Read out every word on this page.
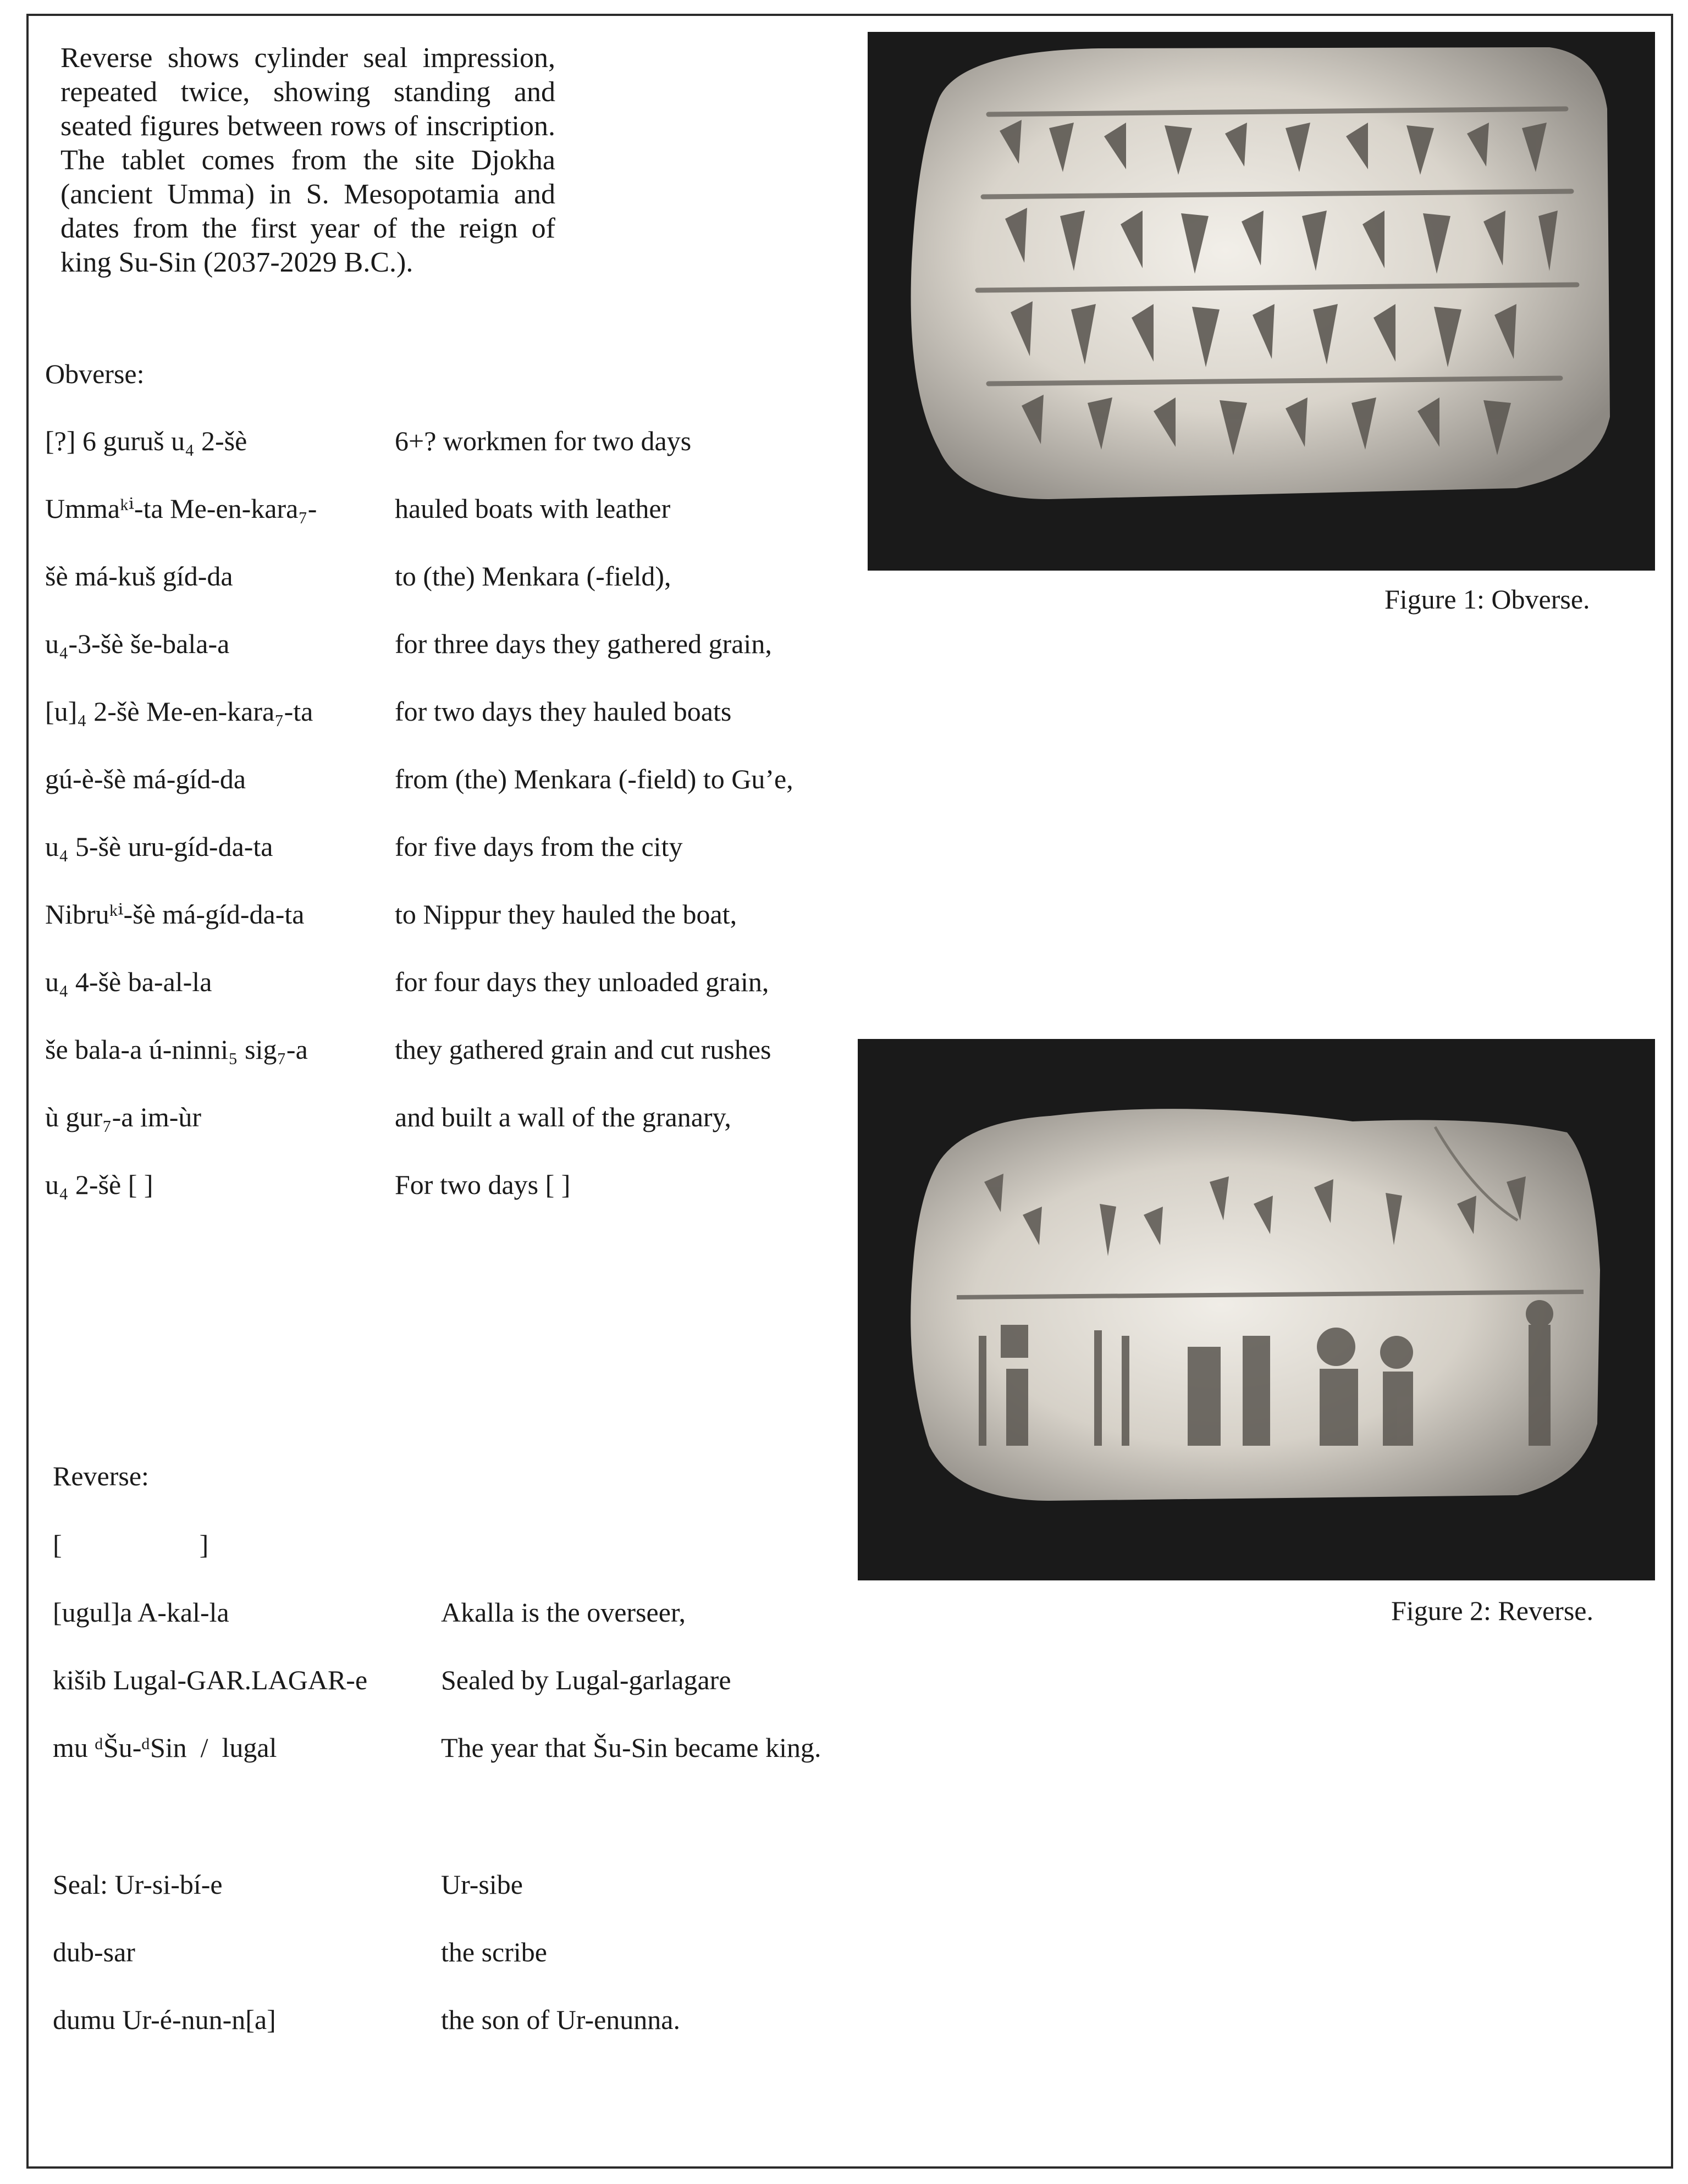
Reverse shows cylinder seal impression, repeated twice, showing standing and seated figures between rows of inscription. The tablet comes from the site Djokha (ancient Umma) in S. Mesopotamia and dates from the first year of the reign of king Su-Sin (2037-2029 B.C.).

Obverse:
[?] 6 guruš u₄ 2-šè	6+? workmen for two days
Ummaᵏⁱ-ta Me-en-kara₇-	hauled boats with leather
šè má-kuš gíd-da	to (the) Menkara (-field),
u₄-3-šè še-bala-a	for three days they gathered grain,
[u]₄ 2-šè Me-en-kara₇-ta	for two days they hauled boats
gú-è-šè má-gíd-da	from (the) Menkara (-field) to Gu’e,
u₄ 5-šè uru-gíd-da-ta	for five days from the city
Nibruᵏⁱ-šè má-gíd-da-ta	to Nippur they hauled the boat,
u₄ 4-šè ba-al-la	for four days they unloaded grain,
še bala-a ú-ninni₅ sig₇-a	they gathered grain and cut rushes
ù gur₇-a im-ùr	and built a wall of the granary,
u₄ 2-šè [ ]	For two days [ ]
Reverse:
[                    ]
[ugul]a A-kal-la	Akalla is the overseer,
kišib Lugal-GAR.LAGAR-e	Sealed by Lugal-garlagare
mu ᵈŠu-ᵈSin  /  lugal	The year that Šu-Sin became king.
Seal: Ur-si-bí-e	Ur-sibe
dub-sar	the scribe
dumu Ur-é-nun-n[a]	the son of Ur-enunna.
Figure 1: Obverse.
Figure 2: Reverse.
